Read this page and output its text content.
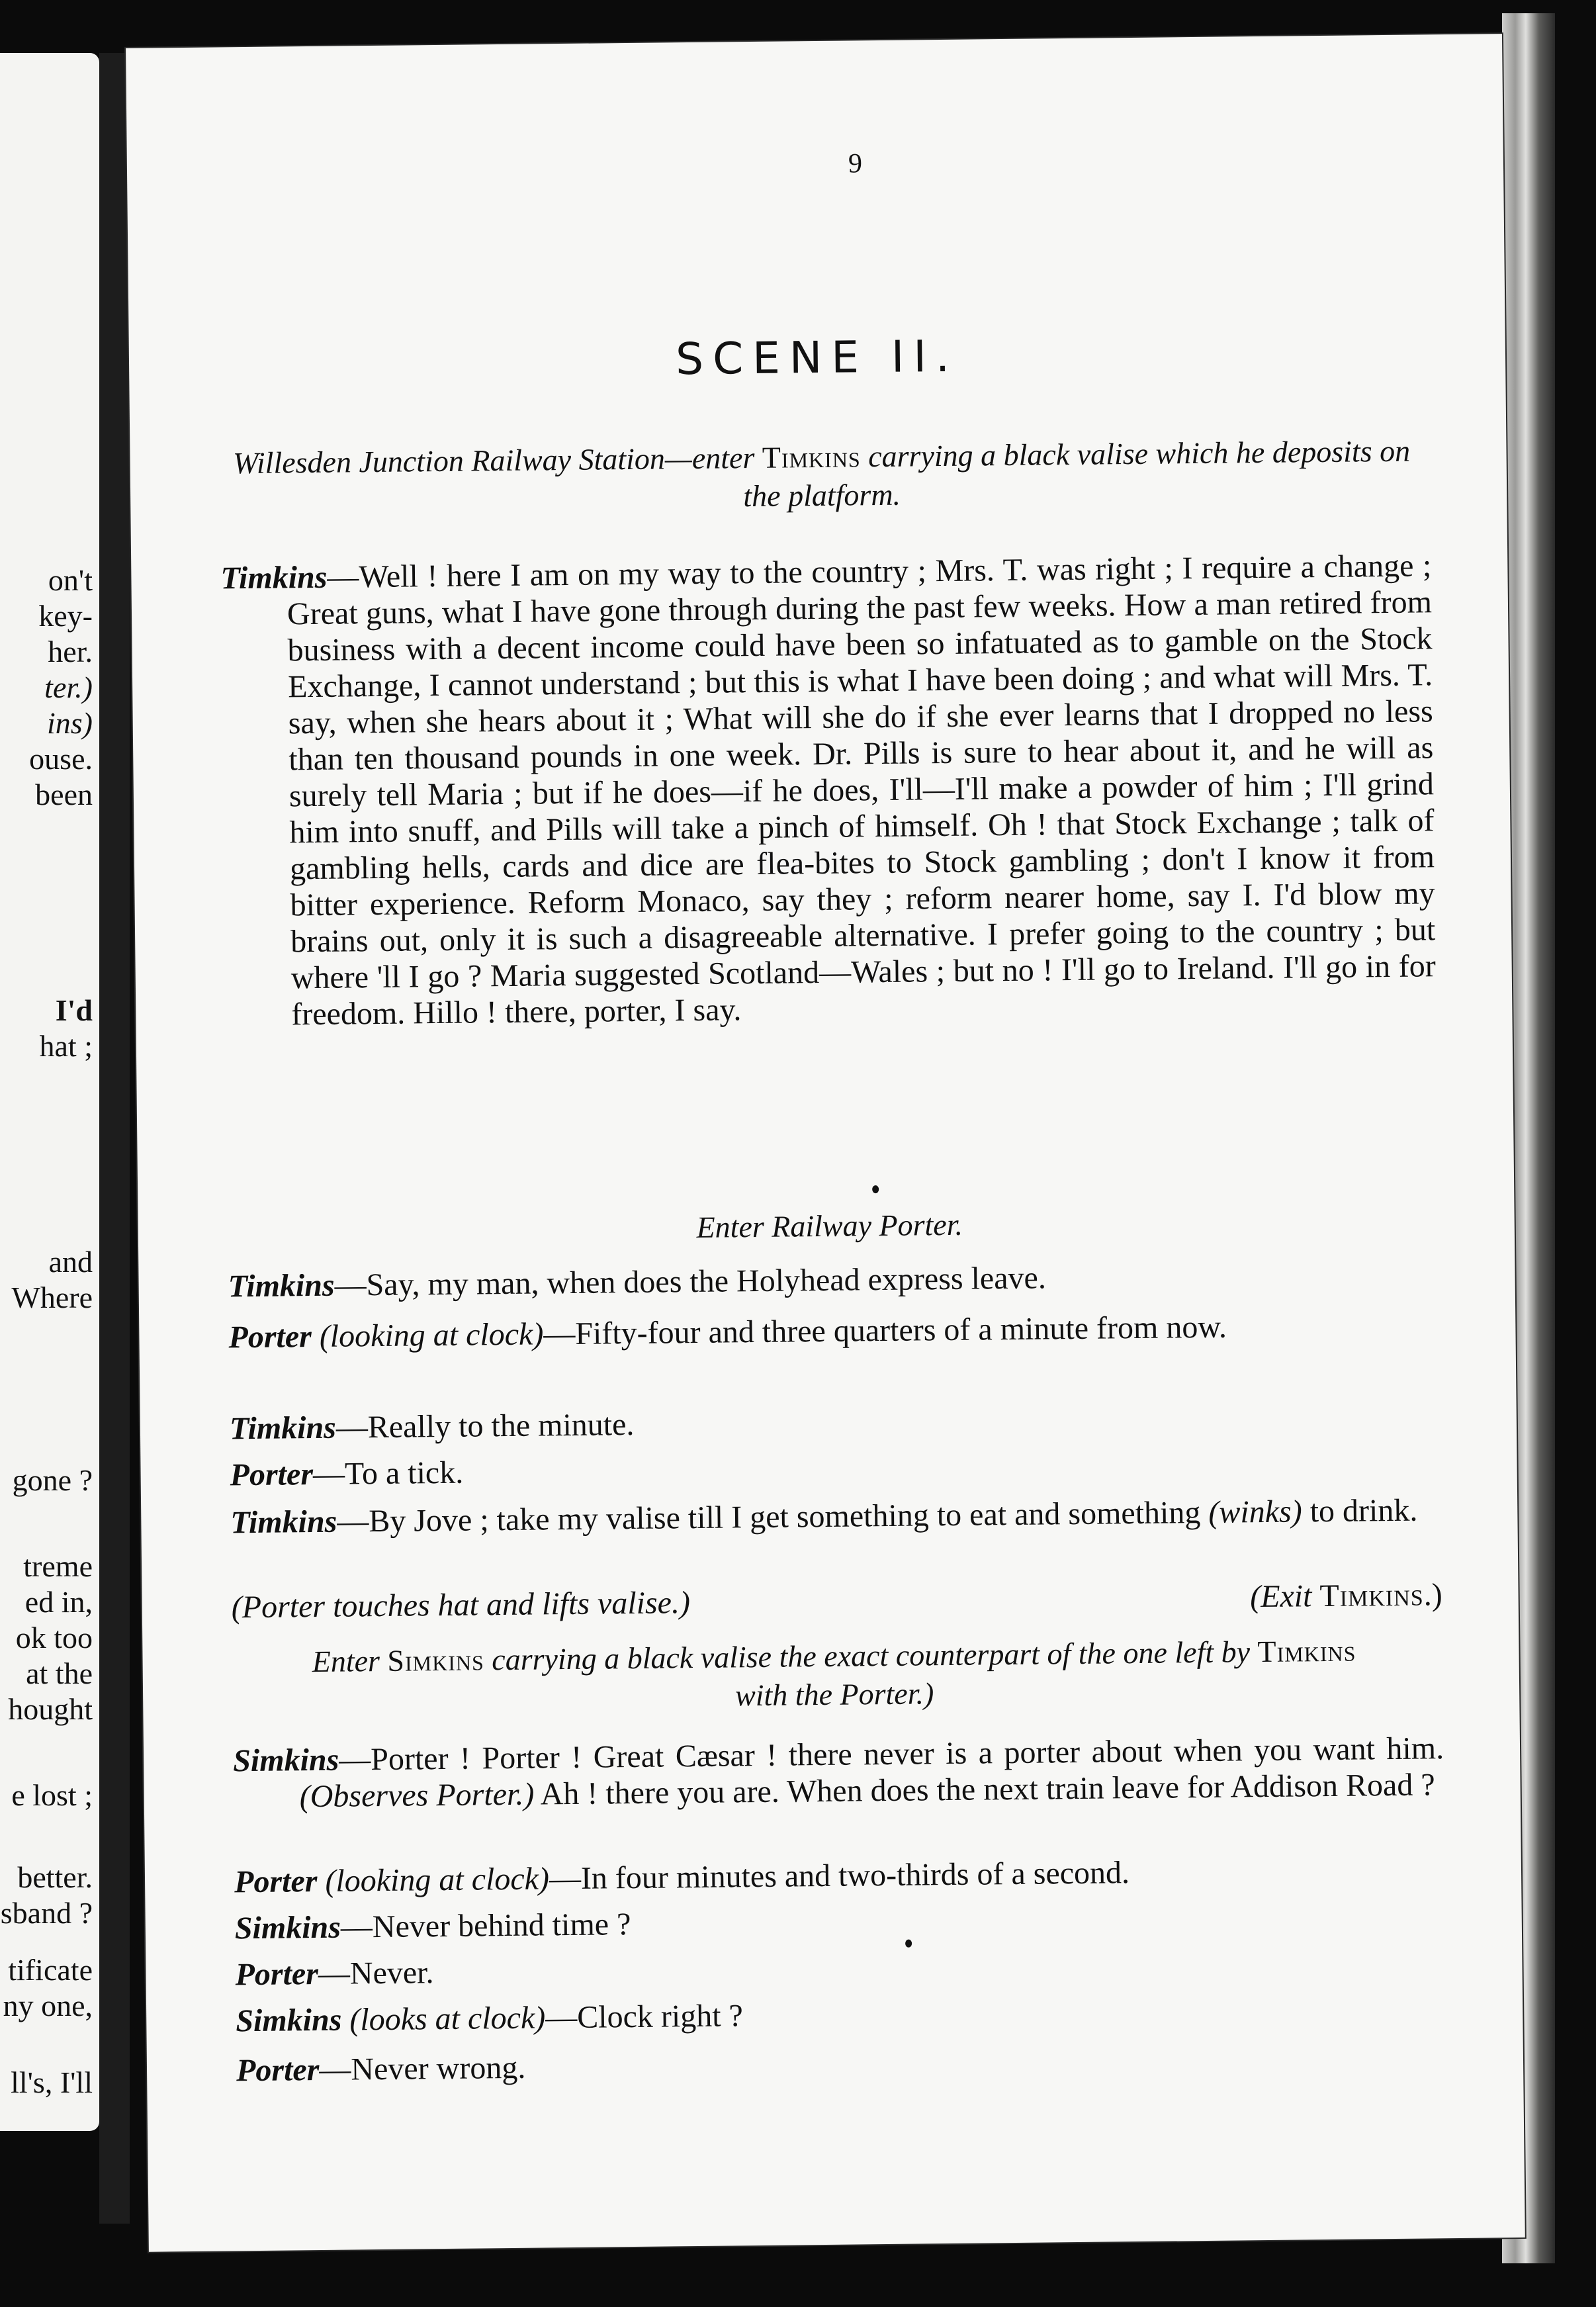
on't
key-
her.
ter.)
ins)
ouse.
been
I'd
hat ;
and
Where
gone ?
treme
ed in,
ok too
at the
hought
e lost ;
better.
sband ?
tificate
ny one,
ll's, I'll
9
SCENE II.
Willesden Junction Railway Station—enter Timkins carrying a black valise which he deposits on the platform.
Timkins—Well ! here I am on my way to the country ; Mrs. T. was right ; I require a change ; Great guns, what I have gone through during the past few weeks. How a man retired from business with a decent income could have been so infatuated as to gamble on the Stock Exchange, I cannot understand ; but this is what I have been doing ; and what will Mrs. T. say, when she hears about it ; What will she do if she ever learns that I dropped no less than ten thousand pounds in one week. Dr. Pills is sure to hear about it, and he will as surely tell Maria ; but if he does—if he does, I'll—I'll make a powder of him ; I'll grind him into snuff, and Pills will take a pinch of himself. Oh ! that Stock Exchange ; talk of gambling hells, cards and dice are flea-bites to Stock gambling ; don't I know it from bitter experience. Reform Monaco, say they ; reform nearer home, say I. I'd blow my brains out, only it is such a disagreeable alternative. I prefer going to the country ; but where 'll I go ? Maria suggested Scotland—Wales ; but no ! I'll go to Ireland. I'll go in for freedom. Hillo ! there, porter, I say.
Enter Railway Porter.
Timkins—Say, my man, when does the Holyhead express leave.
Porter (looking at clock)—Fifty-four and three quarters of a minute from now.
Timkins—Really to the minute.
Porter—To a tick.
Timkins—By Jove ; take my valise till I get something to eat and something (winks) to drink.
(Porter touches hat and lifts valise.)	(Exit Timkins.)
Enter Simkins carrying a black valise the exact counterpart of the one left by Timkins with the Porter.)
Simkins—Porter ! Porter ! Great Cæsar ! there never is a porter about when you want him. (Observes Porter.) Ah ! there you are. When does the next train leave for Addison Road ?
Porter (looking at clock)—In four minutes and two-thirds of a second.
Simkins—Never behind time ?
Porter—Never.
Simkins (looks at clock)—Clock right ?
Porter—Never wrong.
